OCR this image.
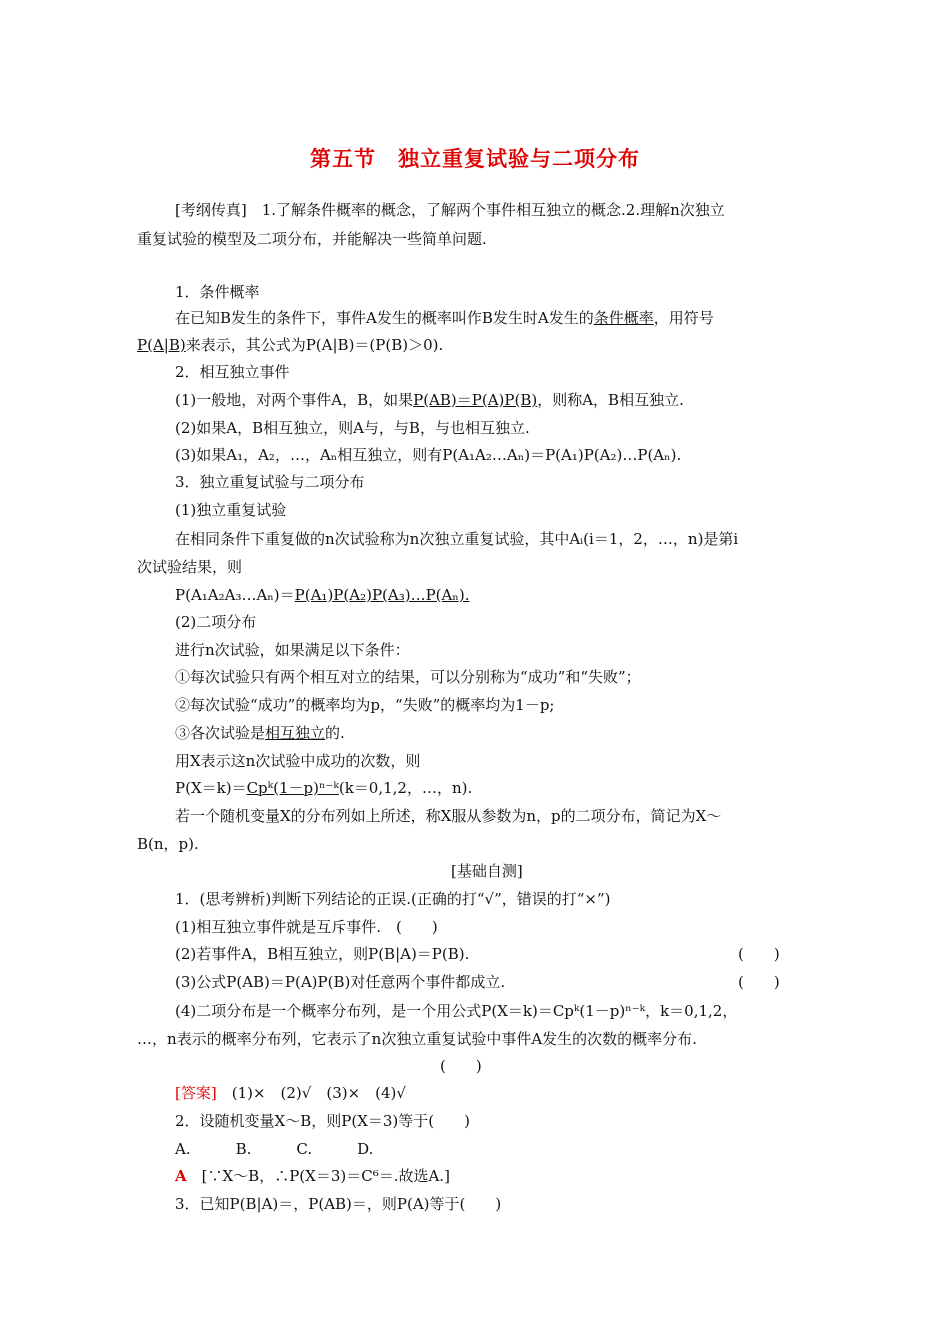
第五节　独立重复试验与二项分布
[考纲传真]　1.了解条件概率的概念，了解两个事件相互独立的概念.2.理解n次独立
重复试验的模型及二项分布，并能解决一些简单问题.
1．条件概率
在已知B发生的条件下，事件A发生的概率叫作B发生时A发生的条件概率，用符号
P(A|B)来表示，其公式为P(A|B)＝(P(B)＞0).
2．相互独立事件
(1)一般地，对两个事件A，B，如果P(AB)＝P(A)P(B)，则称A，B相互独立.
(2)如果A，B相互独立，则A与，与B，与也相互独立.
(3)如果A₁，A₂，…，Aₙ相互独立，则有P(A₁A₂…Aₙ)＝P(A₁)P(A₂)…P(Aₙ).
3．独立重复试验与二项分布
(1)独立重复试验
在相同条件下重复做的n次试验称为n次独立重复试验，其中Aᵢ(i＝1，2，…，n)是第i
次试验结果，则
P(A₁A₂A₃…Aₙ)＝P(A₁)P(A₂)P(A₃)…P(Aₙ).
(2)二项分布
进行n次试验，如果满足以下条件：
①每次试验只有两个相互对立的结果，可以分别称为“成功”和“失败”；
②每次试验“成功”的概率均为p，“失败”的概率均为1－p;
③各次试验是相互独立的.
用X表示这n次试验中成功的次数，则
P(X＝k)＝Cpᵏ(1－p)ⁿ⁻ᵏ(k＝0,1,2，…，n).
若一个随机变量X的分布列如上所述，称X服从参数为n，p的二项分布，简记为X～
B(n，p).
[基础自测]
1．(思考辨析)判断下列结论的正误.(正确的打“√”，错误的打“×”)
(1)相互独立事件就是互斥事件.　(　　)
(2)若事件A，B相互独立，则P(B|A)＝P(B).	(　　)
(3)公式P(AB)＝P(A)P(B)对任意两个事件都成立.	(　　)
(4)二项分布是一个概率分布列，是一个用公式P(X＝k)＝Cpᵏ(1－p)ⁿ⁻ᵏ，k＝0,1,2，
…，n表示的概率分布列，它表示了n次独立重复试验中事件A发生的次数的概率分布.
(　　)
[答案]　(1)×　(2)√　(3)×　(4)√
2．设随机变量X～B，则P(X＝3)等于(　　)
A.　　　B.　　　C.　　　D.
A　[∵X～B，∴P(X＝3)＝C⁶＝.故选A.]
3．已知P(B|A)＝，P(AB)＝，则P(A)等于(　　)
